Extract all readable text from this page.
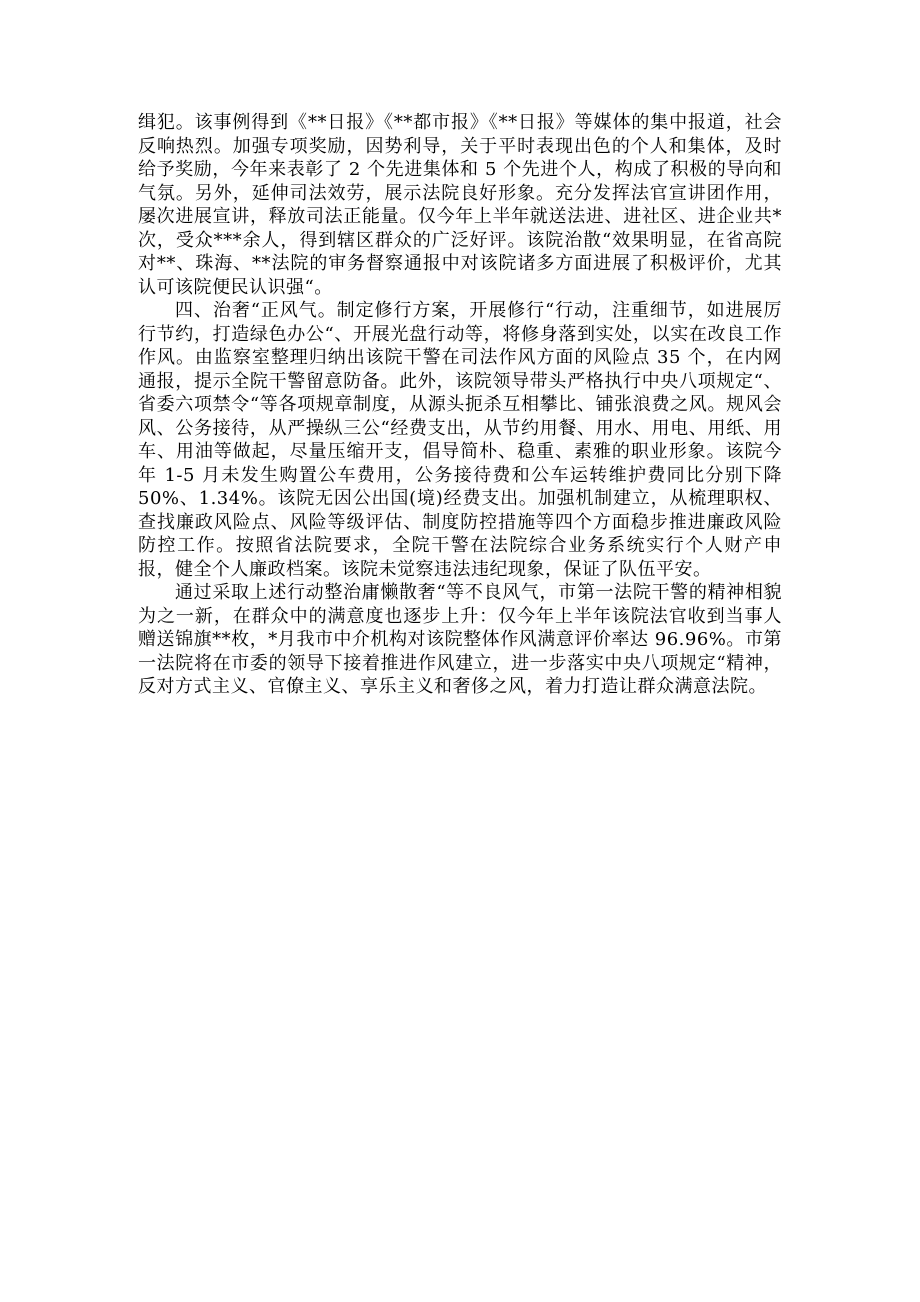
缉犯。该事例得到《**日报》《**都市报》《**日报》等媒体的集中报道，社会反响热烈。加强专项奖励，因势利导，关于平时表现出色的个人和集体，及时给予奖励，今年来表彰了 2 个先进集体和 5 个先进个人，构成了积极的导向和气氛。另外，延伸司法效劳，展示法院良好形象。充分发挥法官宣讲团作用，屡次进展宣讲，释放司法正能量。仅今年上半年就送法进、进社区、进企业共*次，受众***余人，得到辖区群众的广泛好评。该院治散“效果明显，在省高院对**、珠海、**法院的审务督察通报中对该院诸多方面进展了积极评价，尤其认可该院便民认识强“。

四、治奢“正风气。制定修行方案，开展修行“行动，注重细节，如进展厉行节约，打造绿色办公“、开展光盘行动等，将修身落到实处，以实在改良工作作风。由监察室整理归纳出该院干警在司法作风方面的风险点 35 个，在内网通报，提示全院干警留意防备。此外，该院领导带头严格执行中央八项规定“、省委六项禁令“等各项规章制度，从源头扼杀互相攀比、铺张浪费之风。规风会风、公务接待，从严操纵三公“经费支出，从节约用餐、用水、用电、用纸、用车、用油等做起，尽量压缩开支，倡导简朴、稳重、素雅的职业形象。该院今年 1-5 月未发生购置公车费用，公务接待费和公车运转维护费同比分别下降 50%、1.34%。该院无因公出国(境)经费支出。加强机制建立，从梳理职权、查找廉政风险点、风险等级评估、制度防控措施等四个方面稳步推进廉政风险防控工作。按照省法院要求，全院干警在法院综合业务系统实行个人财产申报，健全个人廉政档案。该院未觉察违法违纪现象，保证了队伍平安。

通过采取上述行动整治庸懒散奢“等不良风气，市第一法院干警的精神相貌为之一新，在群众中的满意度也逐步上升：仅今年上半年该院法官收到当事人赠送锦旗**枚，*月我市中介机构对该院整体作风满意评价率达 96.96%。市第一法院将在市委的领导下接着推进作风建立，进一步落实中央八项规定“精神，反对方式主义、官僚主义、享乐主义和奢侈之风，着力打造让群众满意法院。
